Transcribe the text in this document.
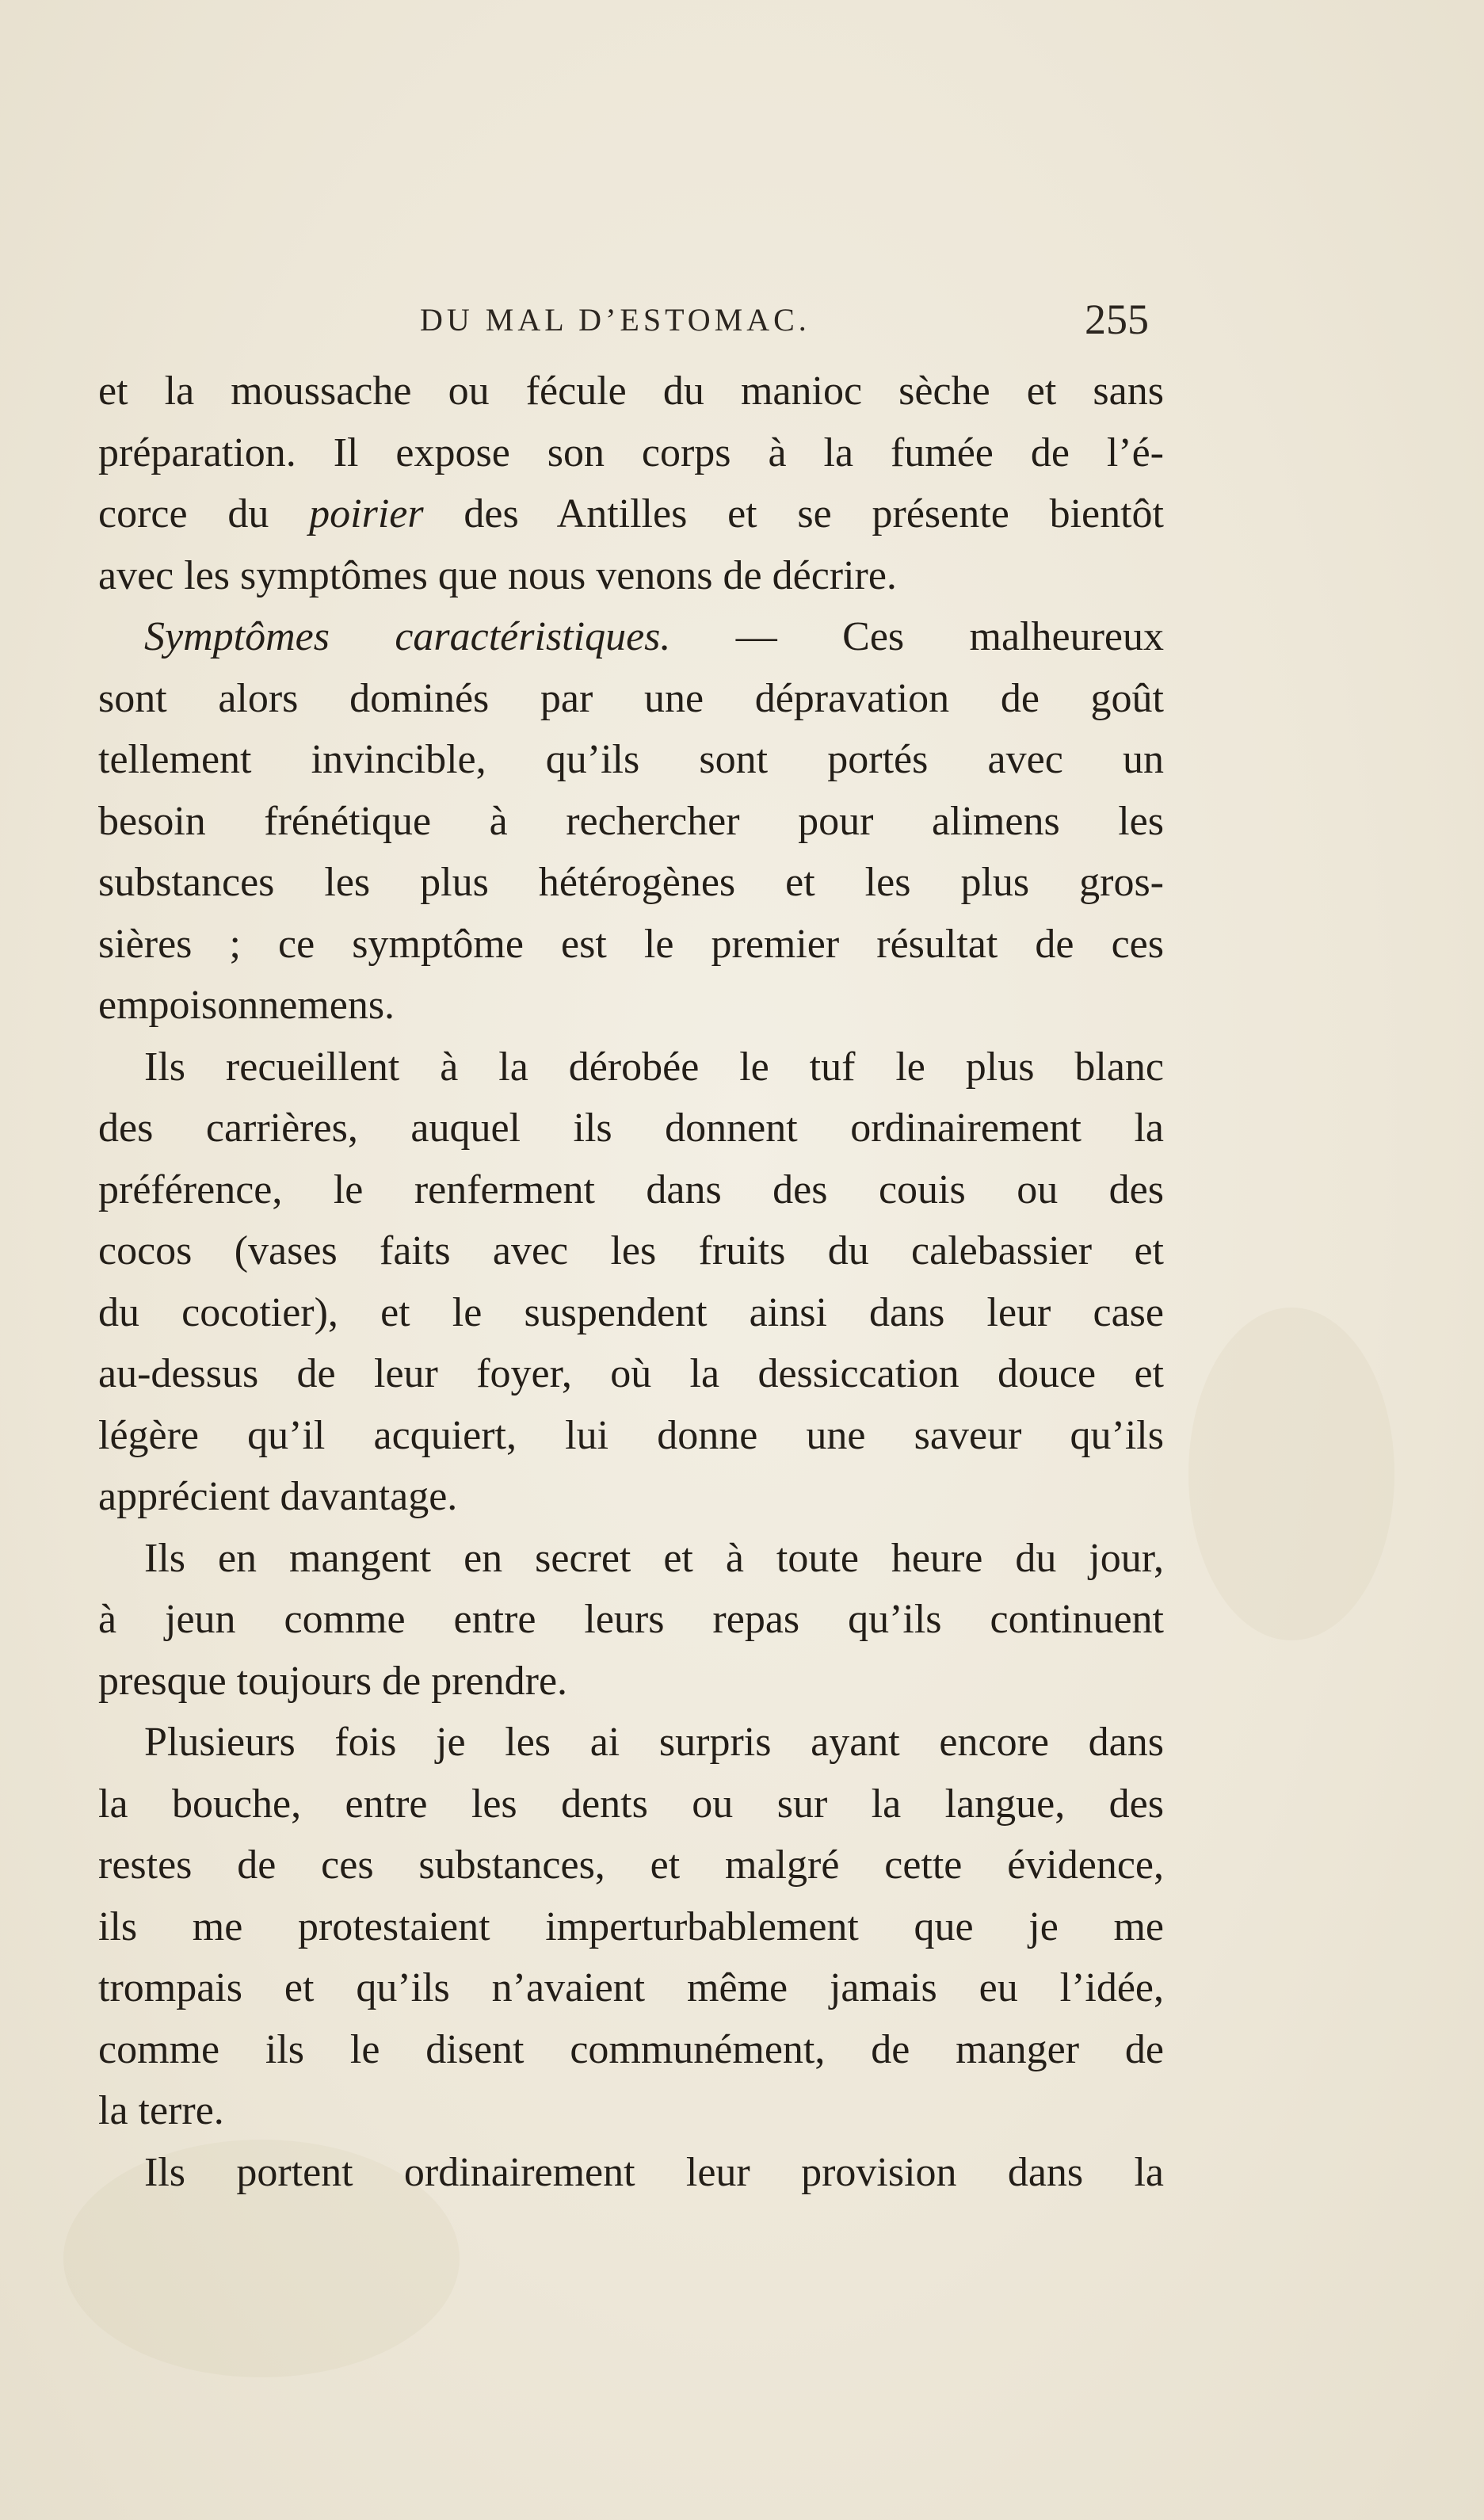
DU MAL D’ESTOMAC.	255
et la moussache ou fécule du manioc sèche et sans
préparation. Il expose son corps à la fumée de l’é-
corce du poirier des Antilles et se présente bientôt
avec les symptômes que nous venons de décrire.
Symptômes caractéristiques. — Ces malheureux
sont alors dominés par une dépravation de goût
tellement invincible, qu’ils sont portés avec un
besoin frénétique à rechercher pour alimens les
substances les plus hétérogènes et les plus gros-
sières ; ce symptôme est le premier résultat de ces
empoisonnemens.
Ils recueillent à la dérobée le tuf le plus blanc
des carrières, auquel ils donnent ordinairement la
préférence, le renferment dans des couis ou des
cocos (vases faits avec les fruits du calebassier et
du cocotier), et le suspendent ainsi dans leur case
au-dessus de leur foyer, où la dessiccation douce et
légère qu’il acquiert, lui donne une saveur qu’ils
apprécient davantage.
Ils en mangent en secret et à toute heure du jour,
à jeun comme entre leurs repas qu’ils continuent
presque toujours de prendre.
Plusieurs fois je les ai surpris ayant encore dans
la bouche, entre les dents ou sur la langue, des
restes de ces substances, et malgré cette évidence,
ils me protestaient imperturbablement que je me
trompais et qu’ils n’avaient même jamais eu l’idée,
comme ils le disent communément, de manger de
la terre.
Ils portent ordinairement leur provision dans la
